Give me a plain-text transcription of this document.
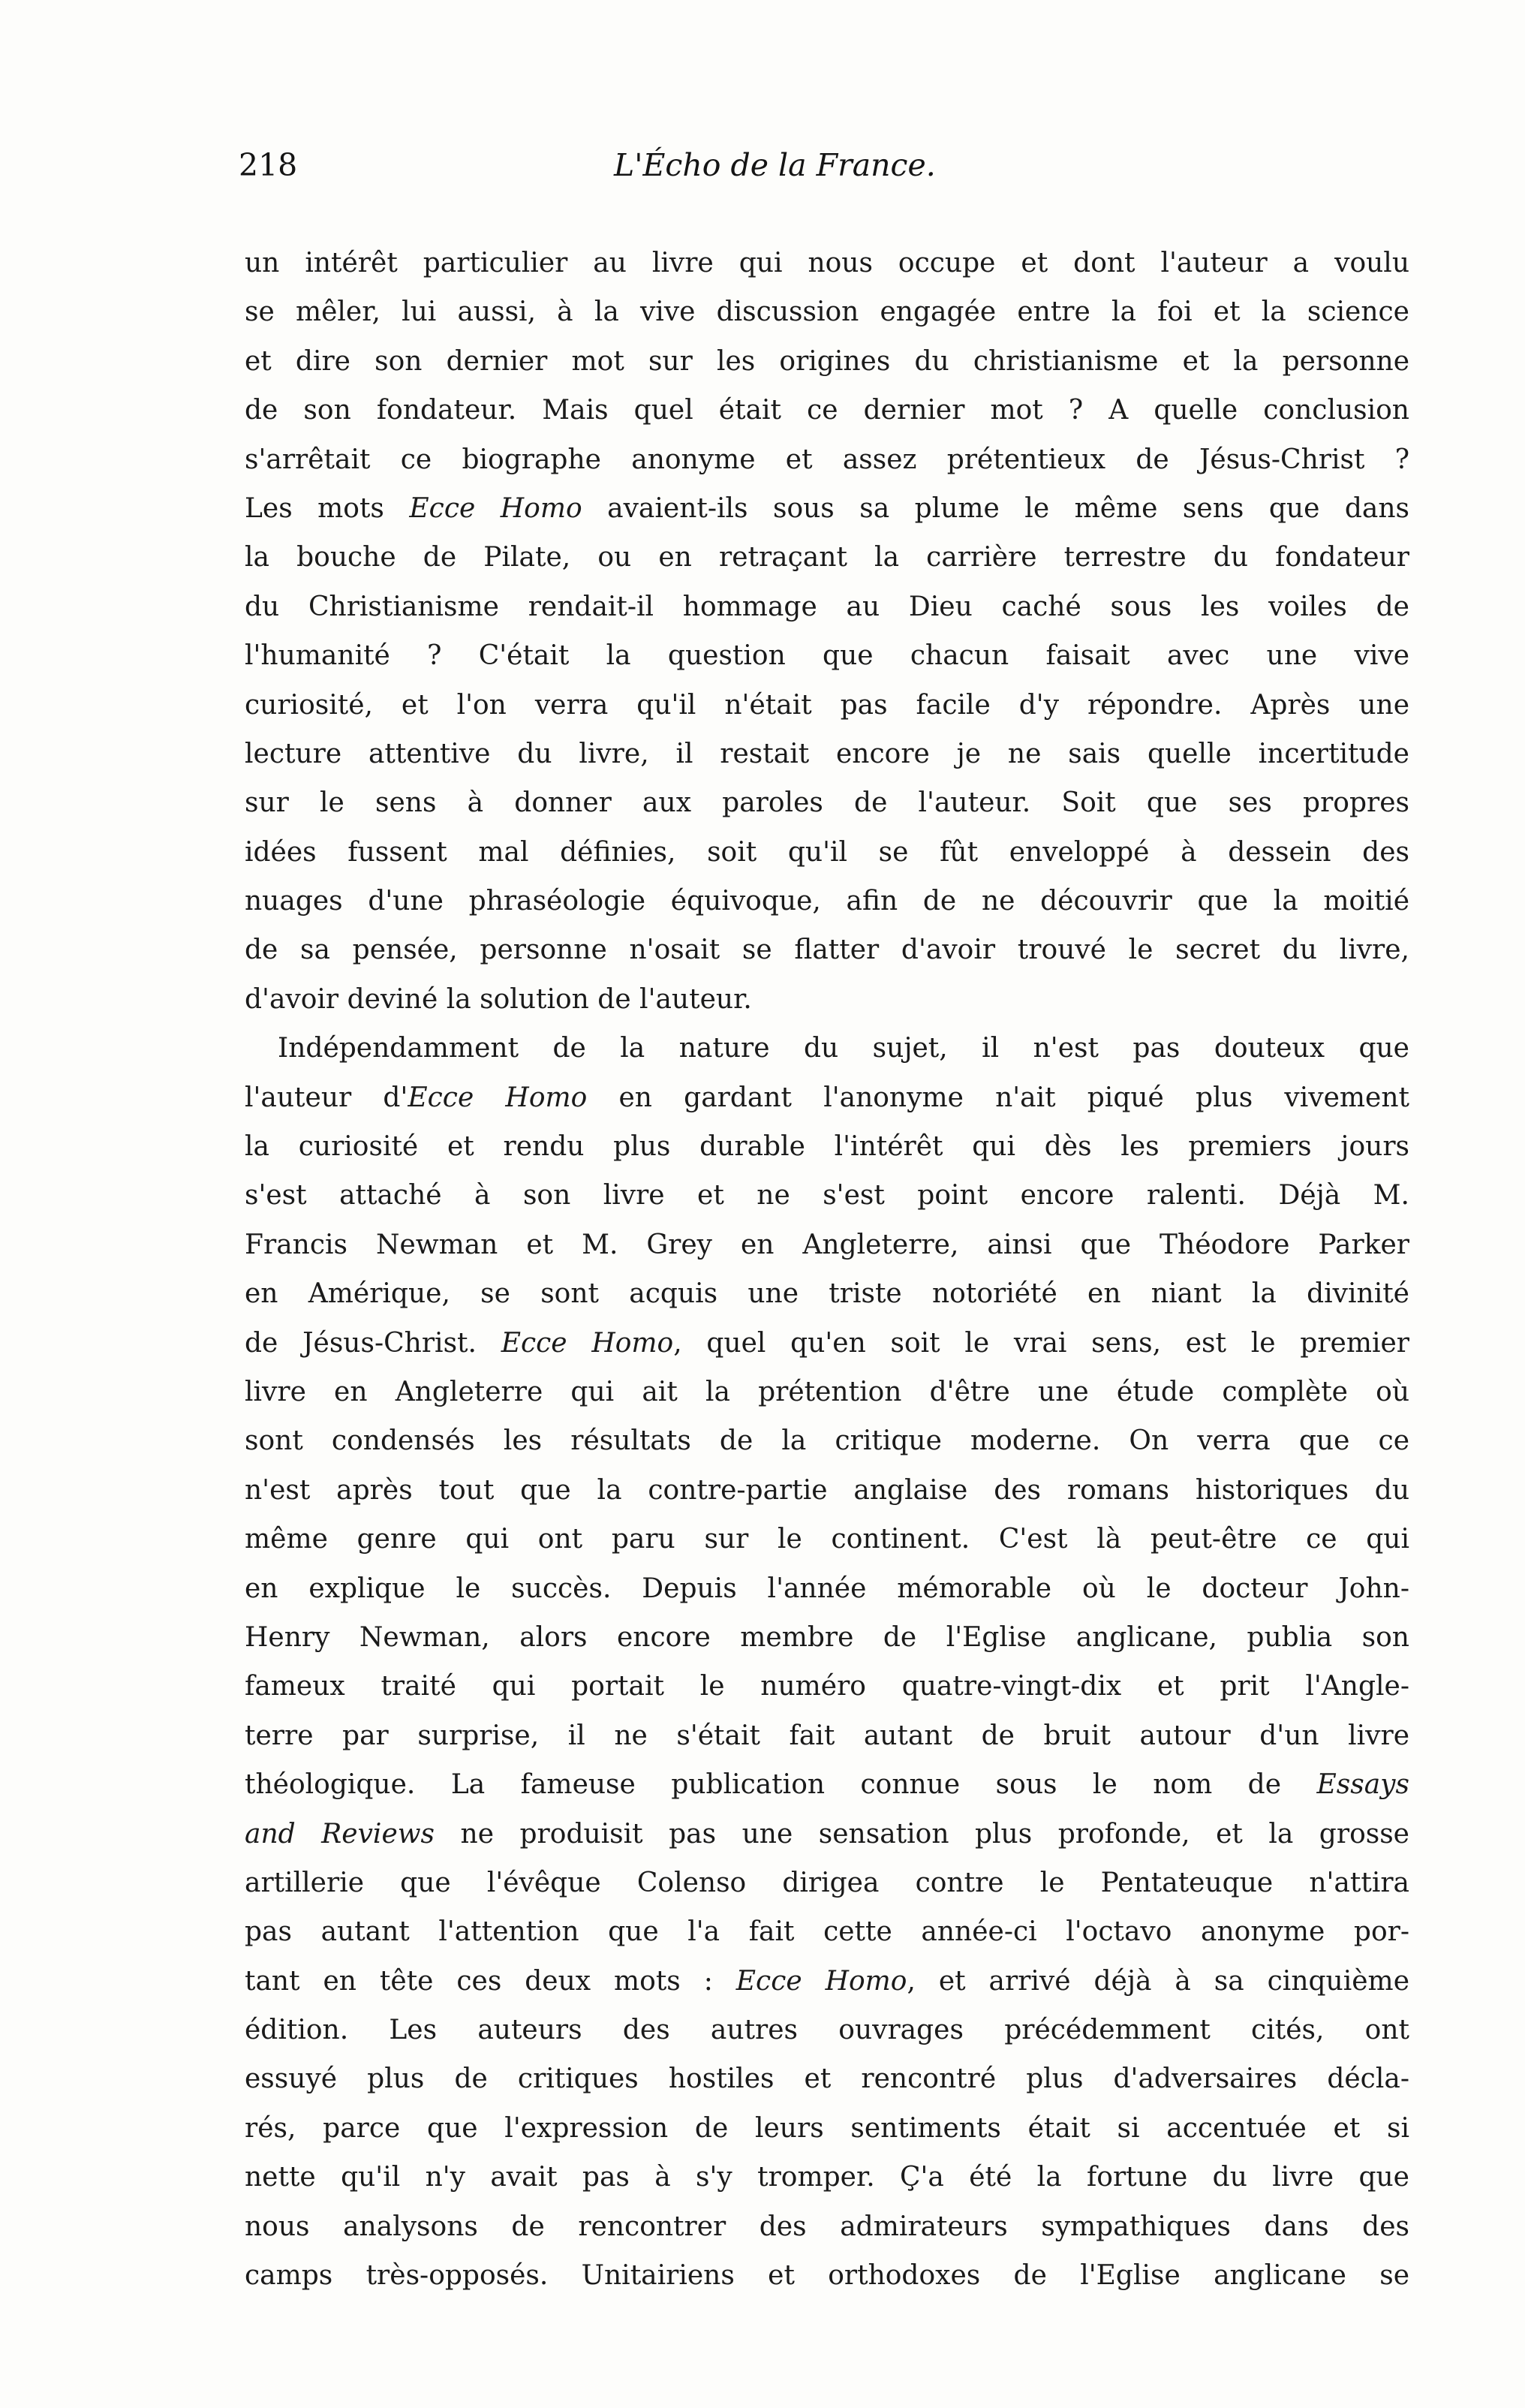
218	L'Écho de la France.
un intérêt particulier au livre qui nous occupe et dont l'auteur a voulu
se mêler, lui aussi, à la vive discussion engagée entre la foi et la science
et dire son dernier mot sur les origines du christianisme et la personne
de son fondateur. Mais quel était ce dernier mot ? A quelle conclusion
s'arrêtait ce biographe anonyme et assez prétentieux de Jésus-Christ ?
Les mots Ecce Homo avaient-ils sous sa plume le même sens que dans
la bouche de Pilate, ou en retraçant la carrière terrestre du fondateur
du Christianisme rendait-il hommage au Dieu caché sous les voiles de
l'humanité ? C'était la question que chacun faisait avec une vive
curiosité, et l'on verra qu'il n'était pas facile d'y répondre. Après une
lecture attentive du livre, il restait encore je ne sais quelle incertitude
sur le sens à donner aux paroles de l'auteur. Soit que ses propres
idées fussent mal définies, soit qu'il se fût enveloppé à dessein des
nuages d'une phraséologie équivoque, afin de ne découvrir que la moitié
de sa pensée, personne n'osait se flatter d'avoir trouvé le secret du livre,
d'avoir deviné la solution de l'auteur.
Indépendamment de la nature du sujet, il n'est pas douteux que
l'auteur d'Ecce Homo en gardant l'anonyme n'ait piqué plus vivement
la curiosité et rendu plus durable l'intérêt qui dès les premiers jours
s'est attaché à son livre et ne s'est point encore ralenti. Déjà M.
Francis Newman et M. Grey en Angleterre, ainsi que Théodore Parker
en Amérique, se sont acquis une triste notoriété en niant la divinité
de Jésus-Christ. Ecce Homo, quel qu'en soit le vrai sens, est le premier
livre en Angleterre qui ait la prétention d'être une étude complète où
sont condensés les résultats de la critique moderne. On verra que ce
n'est après tout que la contre-partie anglaise des romans historiques du
même genre qui ont paru sur le continent. C'est là peut-être ce qui
en explique le succès. Depuis l'année mémorable où le docteur John-
Henry Newman, alors encore membre de l'Eglise anglicane, publia son
fameux traité qui portait le numéro quatre-vingt-dix et prit l'Angle-
terre par surprise, il ne s'était fait autant de bruit autour d'un livre
théologique. La fameuse publication connue sous le nom de Essays
and Reviews ne produisit pas une sensation plus profonde, et la grosse
artillerie que l'évêque Colenso dirigea contre le Pentateuque n'attira
pas autant l'attention que l'a fait cette année-ci l'octavo anonyme por-
tant en tête ces deux mots : Ecce Homo, et arrivé déjà à sa cinquième
édition. Les auteurs des autres ouvrages précédemment cités, ont
essuyé plus de critiques hostiles et rencontré plus d'adversaires décla-
rés, parce que l'expression de leurs sentiments était si accentuée et si
nette qu'il n'y avait pas à s'y tromper. Ç'a été la fortune du livre que
nous analysons de rencontrer des admirateurs sympathiques dans des
camps très-opposés. Unitairiens et orthodoxes de l'Eglise anglicane se
